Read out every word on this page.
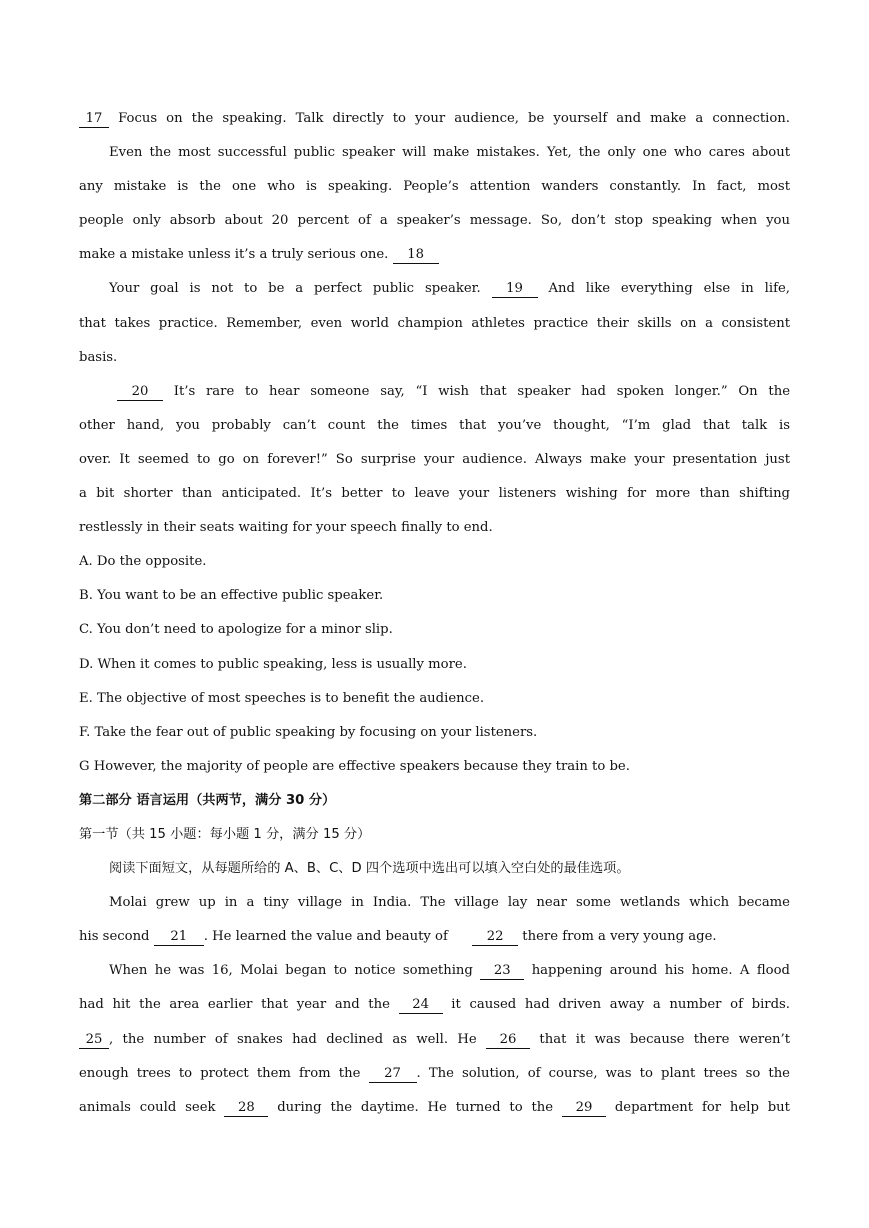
17 Focus on the speaking. Talk directly to your audience, be yourself and make a connection.
Even the most successful public speaker will make mistakes. Yet, the only one who cares about
any mistake is the one who is speaking. People’s attention wanders constantly. In fact, most
people only absorb about 20 percent of a speaker’s message. So, don’t stop speaking when you
make a mistake unless it’s a truly serious one. 18
Your goal is not to be a perfect public speaker. 19 And like everything else in life,
that takes practice. Remember, even world champion athletes practice their skills on a consistent
basis.
20 It’s rare to hear someone say, “I wish that speaker had spoken longer.” On the
other hand, you probably can’t count the times that you’ve thought, “I’m glad that talk is
over. It seemed to go on forever!” So surprise your audience. Always make your presentation just
a bit shorter than anticipated. It’s better to leave your listeners wishing for more than shifting
restlessly in their seats waiting for your speech finally to end.
A. Do the opposite.
B. You want to be an effective public speaker.
C. You don’t need to apologize for a minor slip.
D. When it comes to public speaking, less is usually more.
E. The objective of most speeches is to benefit the audience.
F. Take the fear out of public speaking by focusing on your listeners.
G However, the majority of people are effective speakers because they train to be.
第二部分 语言运用（共两节，满分 30 分）
第一节（共 15 小题：每小题 1 分，满分 15 分）
阅读下面短文，从每题所给的 A、B、C、D 四个选项中选出可以填入空白处的最佳选项。
Molai grew up in a tiny village in India. The village lay near some wetlands which became
his second 21 . He learned the value and beauty of	22 there from a very young age.
When he was 16, Molai began to notice something 23 happening around his home. A flood
had hit the area earlier that year and the 24 it caused had driven away a number of birds.
25 , the number of snakes had declined as well. He 26 that it was because there weren’t
enough trees to protect them from the 27 . The solution, of course, was to plant trees so the
animals could seek 28 during the daytime. He turned to the 29 department for help but
